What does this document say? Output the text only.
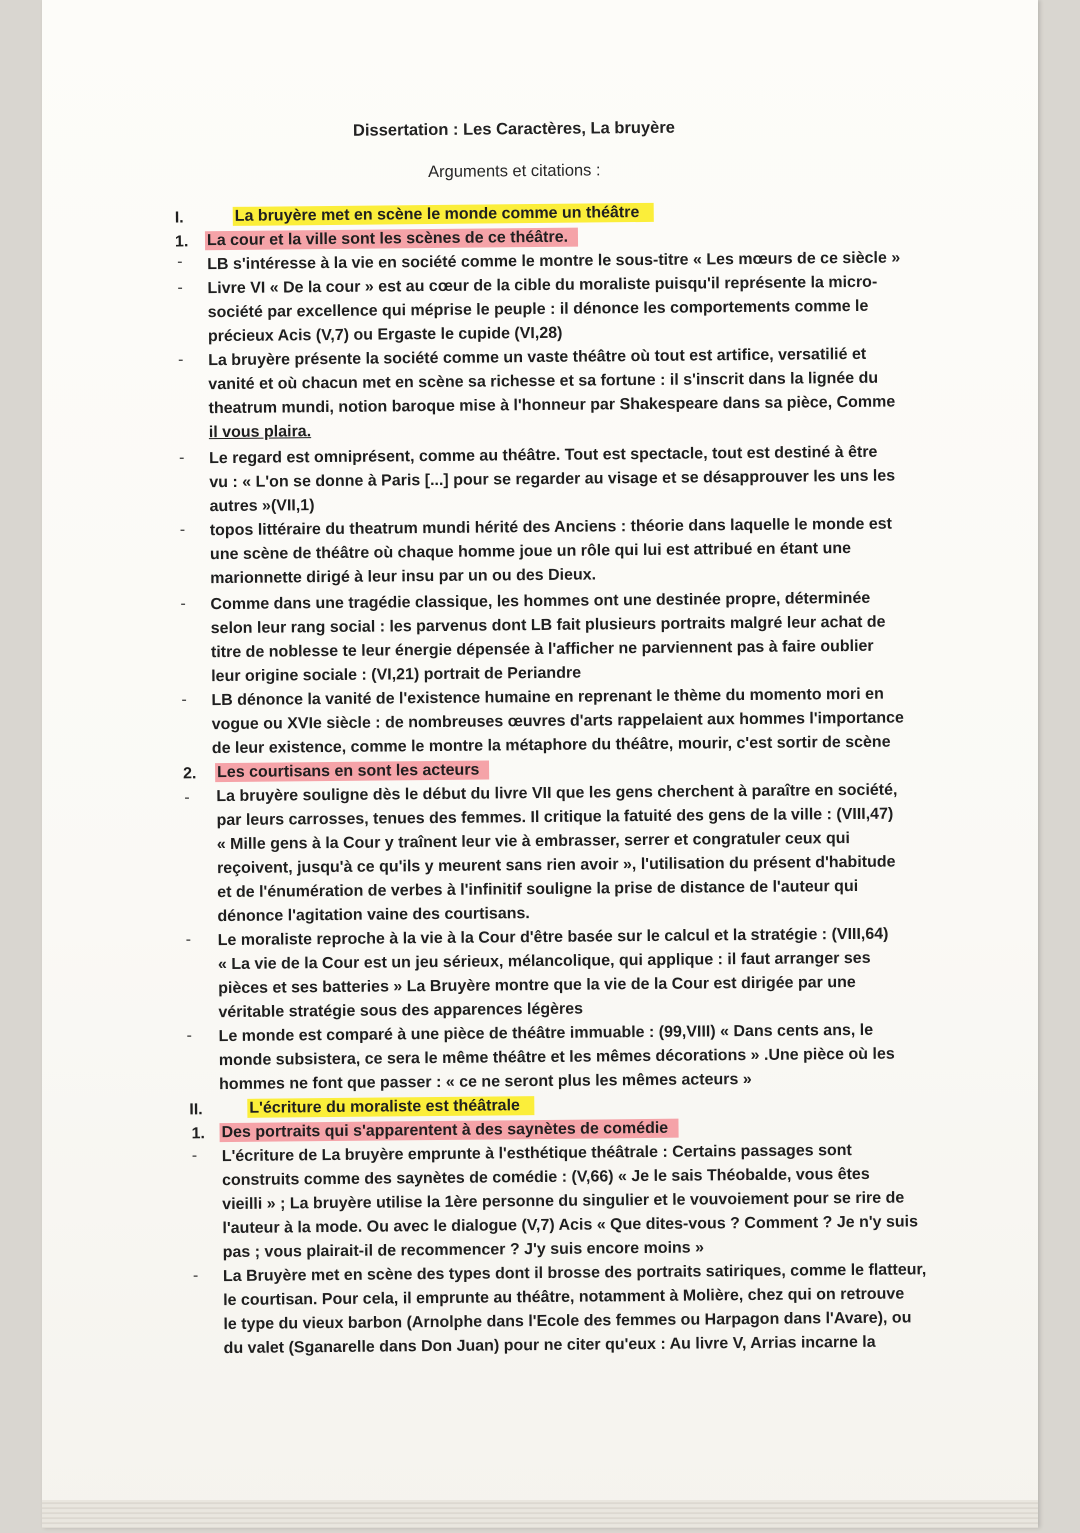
Dissertation : Les Caractères, La bruyère
Arguments et citations :
I.	La bruyère met en scène le monde comme un théâtre
1. La cour et la ville sont les scènes de ce théâtre.
- LB s'intéresse à la vie en société comme le montre le sous-titre « Les mœurs de ce siècle »
- Livre VI « De la cour » est au cœur de la cible du moraliste puisqu'il représente la micro-
société par excellence qui méprise le peuple : il dénonce les comportements comme le
précieux Acis (V,7) ou Ergaste le cupide (VI,28)
- La bruyère présente la société comme un vaste théâtre où tout est artifice, versatilié et
vanité et où chacun met en scène sa richesse et sa fortune : il s'inscrit dans la lignée du
theatrum mundi, notion baroque mise à l'honneur par Shakespeare dans sa pièce, Comme
il vous plaira.
- Le regard est omniprésent, comme au théâtre. Tout est spectacle, tout est destiné à être
vu : « L'on se donne à Paris [...] pour se regarder au visage et se désapprouver les uns les
autres »(VII,1)
- topos littéraire du theatrum mundi hérité des Anciens : théorie dans laquelle le monde est
une scène de théâtre où chaque homme joue un rôle qui lui est attribué en étant une
marionnette dirigé à leur insu par un ou des Dieux.
- Comme dans une tragédie classique, les hommes ont une destinée propre, déterminée
selon leur rang social : les parvenus dont LB fait plusieurs portraits malgré leur achat de
titre de noblesse te leur énergie dépensée à l'afficher ne parviennent pas à faire oublier
leur origine sociale : (VI,21) portrait de Periandre
- LB dénonce la vanité de l'existence humaine en reprenant le thème du momento mori en
vogue ou XVIe siècle : de nombreuses œuvres d'arts rappelaient aux hommes l'importance
de leur existence, comme le montre la métaphore du théâtre, mourir, c'est sortir de scène
2. Les courtisans en sont les acteurs
- La bruyère souligne dès le début du livre VII que les gens cherchent à paraître en société,
par leurs carrosses, tenues des femmes. Il critique la fatuité des gens de la ville : (VIII,47)
« Mille gens à la Cour y traînent leur vie à embrasser, serrer et congratuler ceux qui
reçoivent, jusqu'à ce qu'ils y meurent sans rien avoir », l'utilisation du présent d'habitude
et de l'énumération de verbes à l'infinitif souligne la prise de distance de l'auteur qui
dénonce l'agitation vaine des courtisans.
- Le moraliste reproche à la vie à la Cour d'être basée sur le calcul et la stratégie : (VIII,64)
« La vie de la Cour est un jeu sérieux, mélancolique, qui applique : il faut arranger ses
pièces et ses batteries » La Bruyère montre que la vie de la Cour est dirigée par une
véritable stratégie sous des apparences légères
- Le monde est comparé à une pièce de théâtre immuable : (99,VIII) « Dans cents ans, le
monde subsistera, ce sera le même théâtre et les mêmes décorations » .Une pièce où les
hommes ne font que passer : « ce ne seront plus les mêmes acteurs »
II.	L'écriture du moraliste est théâtrale
1. Des portraits qui s'apparentent à des saynètes de comédie
- L'écriture de La bruyère emprunte à l'esthétique théâtrale : Certains passages sont
construits comme des saynètes de comédie : (V,66) « Je le sais Théobalde, vous êtes
vieilli » ; La bruyère utilise la 1ère personne du singulier et le vouvoiement pour se rire de
l'auteur à la mode. Ou avec le dialogue (V,7) Acis « Que dites-vous ? Comment ? Je n'y suis
pas ; vous plairait-il de recommencer ? J'y suis encore moins »
- La Bruyère met en scène des types dont il brosse des portraits satiriques, comme le flatteur,
le courtisan. Pour cela, il emprunte au théâtre, notamment à Molière, chez qui on retrouve
le type du vieux barbon (Arnolphe dans l'Ecole des femmes ou Harpagon dans l'Avare), ou
du valet (Sganarelle dans Don Juan) pour ne citer qu'eux : Au livre V, Arrias incarne la
